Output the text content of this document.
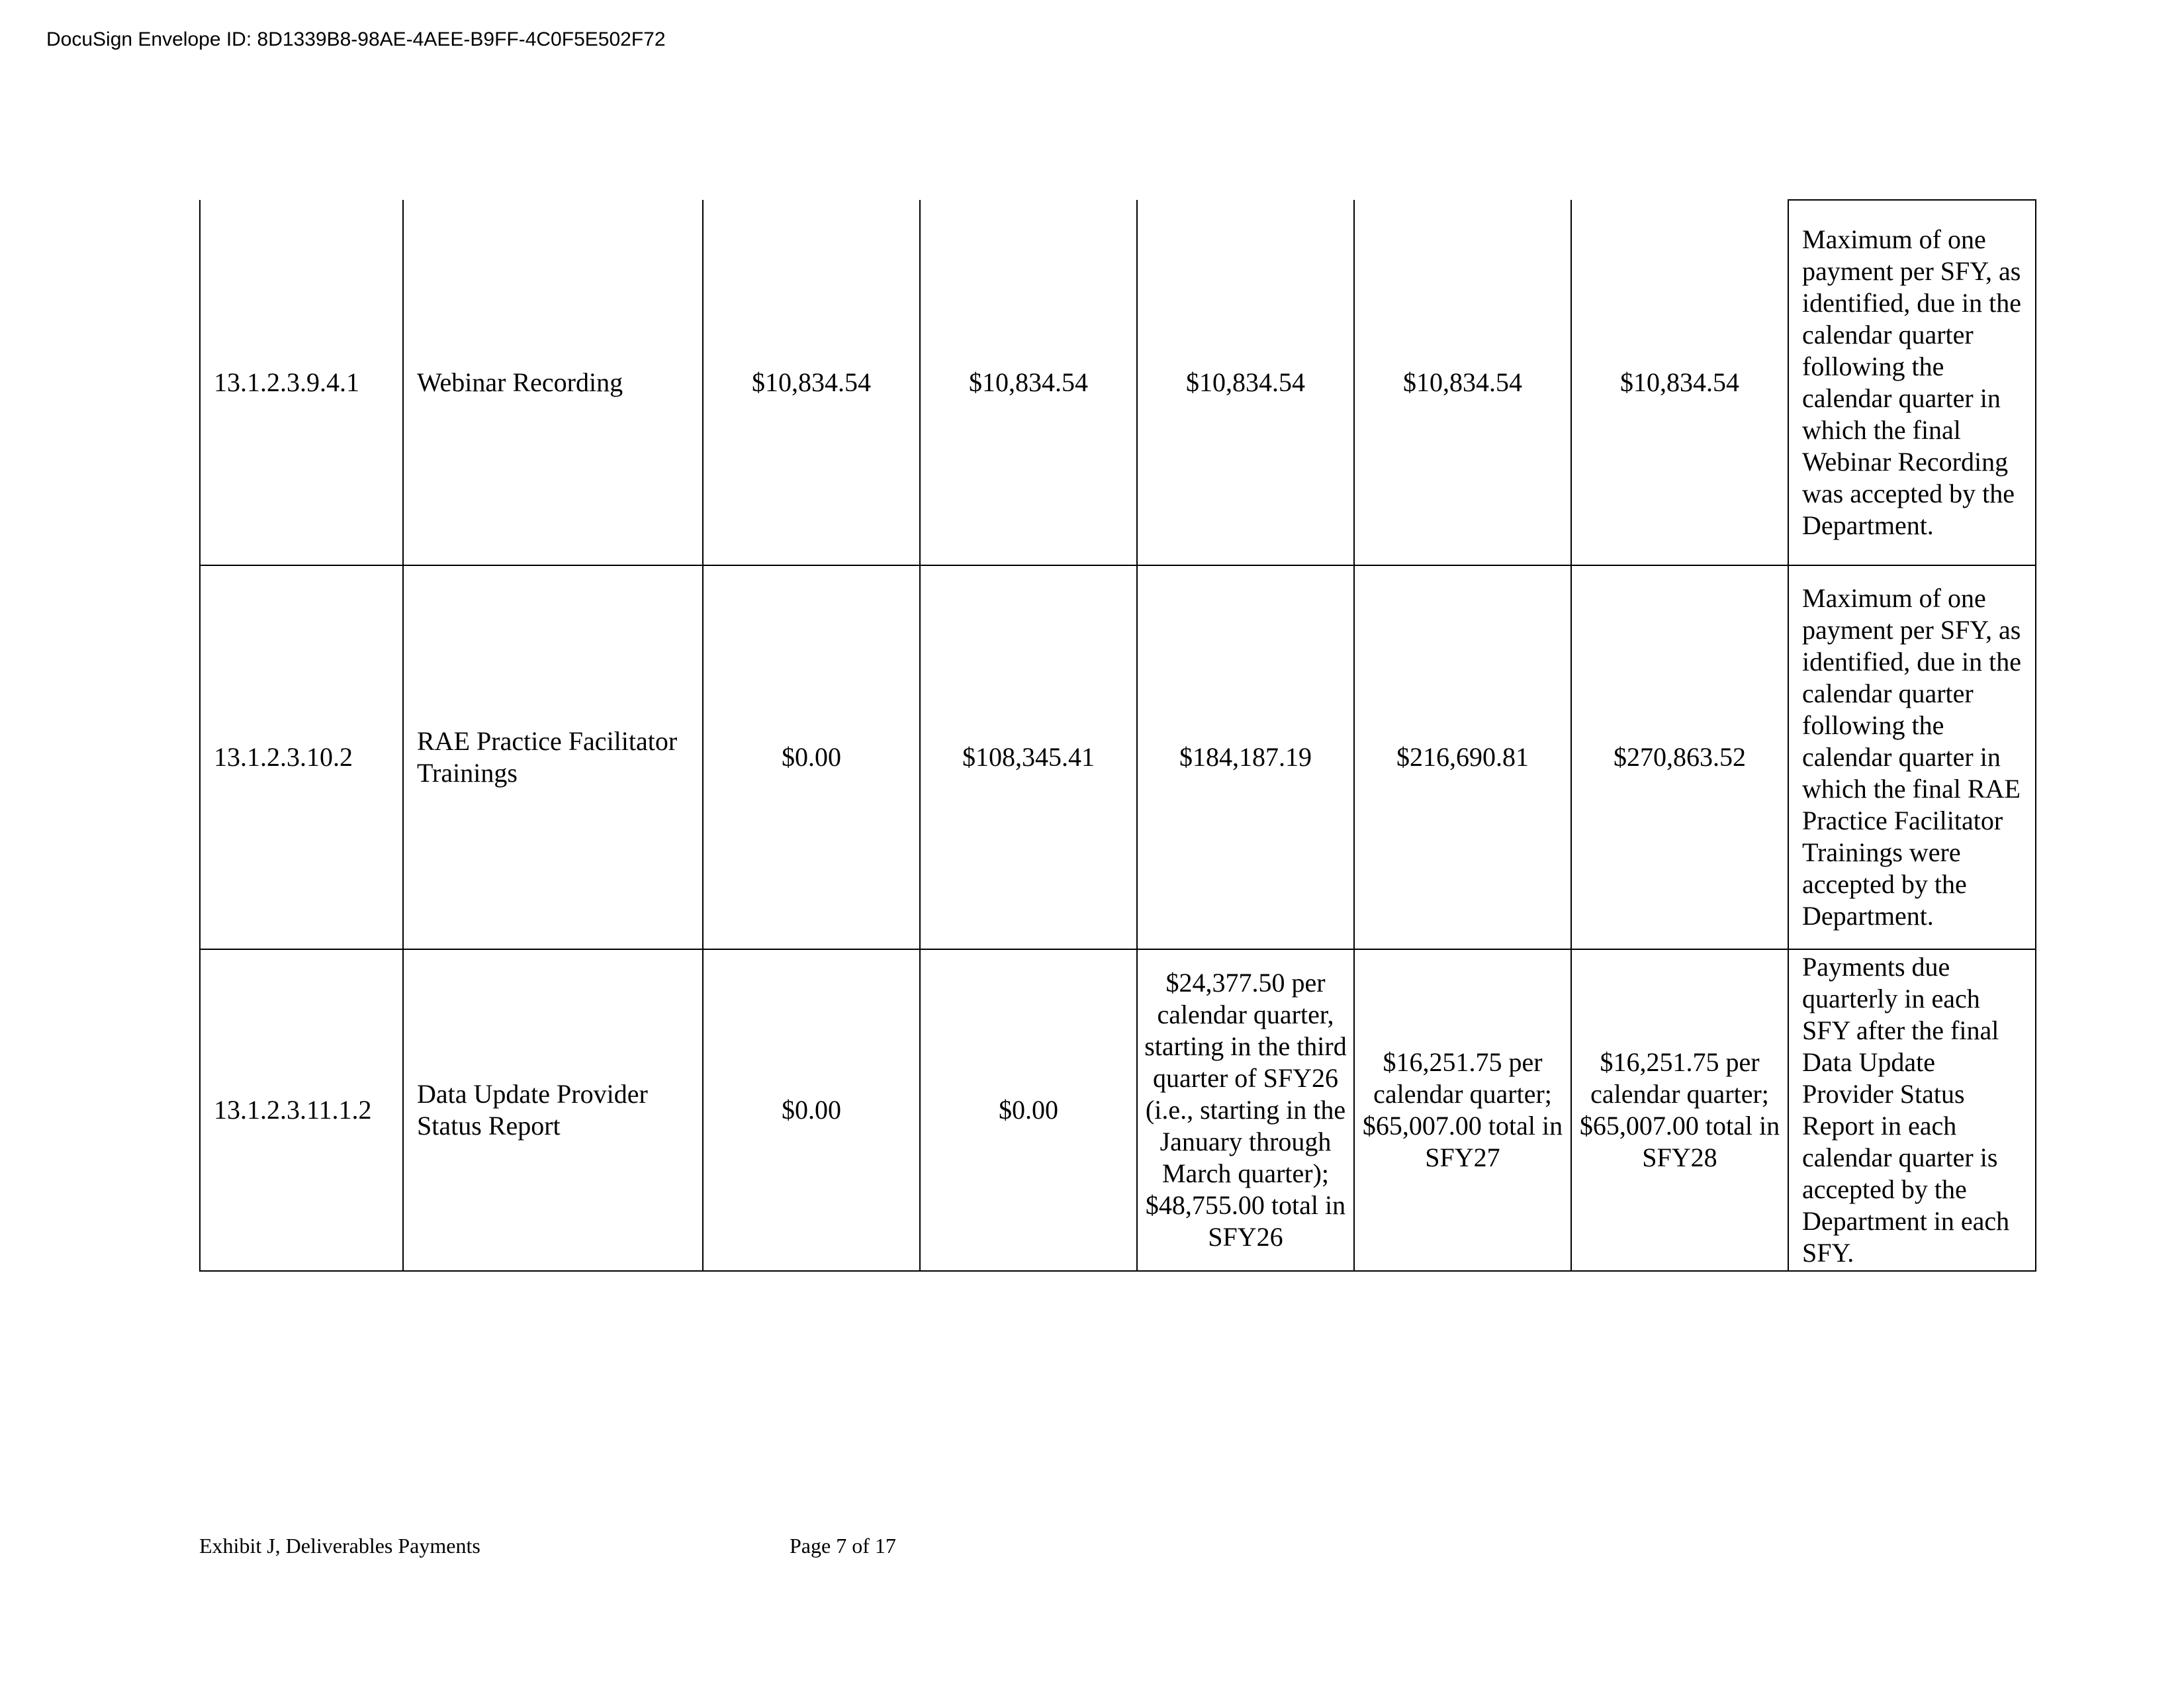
DocuSign Envelope ID: 8D1339B8-98AE-4AEE-B9FF-4C0F5E502F72
13.1.2.3.9.4.1	Webinar Recording	$10,834.54	$10,834.54	$10,834.54	$10,834.54	$10,834.54	Maximum of one payment per SFY, as identified, due in the calendar quarter following the calendar quarter in which the final Webinar Recording was accepted by the Department.
13.1.2.3.10.2	RAE Practice Facilitator Trainings	$0.00	$108,345.41	$184,187.19	$216,690.81	$270,863.52	Maximum of one payment per SFY, as identified, due in the calendar quarter following the calendar quarter in which the final RAE Practice Facilitator Trainings were accepted by the Department.
13.1.2.3.11.1.2	Data Update Provider Status Report	$0.00	$0.00	$24,377.50 per calendar quarter, starting in the third quarter of SFY26 (i.e., starting in the January through March quarter); $48,755.00 total in SFY26	$16,251.75 per calendar quarter; $65,007.00 total in SFY27	$16,251.75 per calendar quarter; $65,007.00 total in SFY28	Payments due quarterly in each SFY after the final Data Update Provider Status Report in each calendar quarter is accepted by the Department in each SFY.
Exhibit J, Deliverables Payments	Page 7 of 17
